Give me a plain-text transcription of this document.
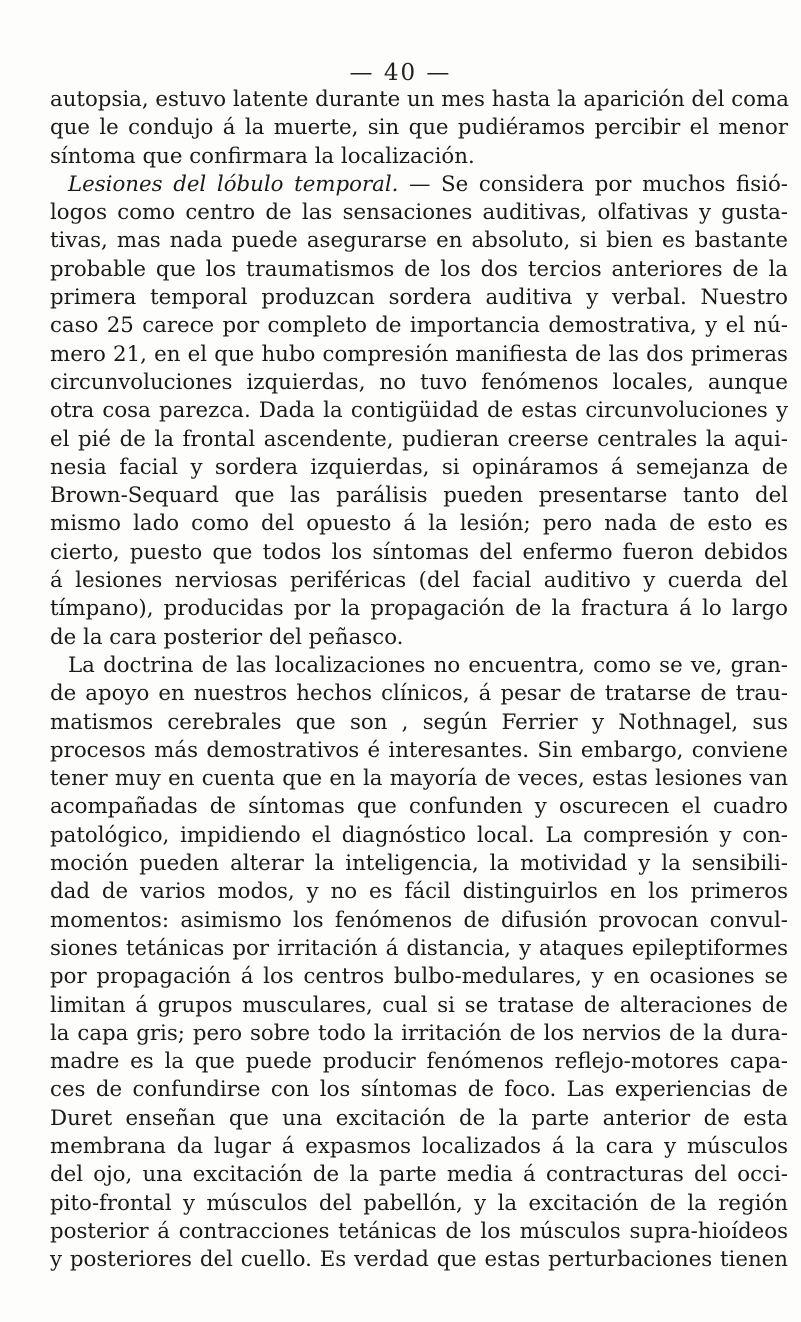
— 40 —
autopsia, estuvo latente durante un mes hasta la aparición del coma
que le condujo á la muerte, sin que pudiéramos percibir el menor
síntoma que confirmara la localización.
Lesiones del lóbulo temporal. — Se considera por muchos fisió-
logos como centro de las sensaciones auditivas, olfativas y gusta-
tivas, mas nada puede asegurarse en absoluto, si bien es bastante
probable que los traumatismos de los dos tercios anteriores de la
primera temporal produzcan sordera auditiva y verbal. Nuestro
caso 25 carece por completo de importancia demostrativa, y el nú-
mero 21, en el que hubo compresión manifiesta de las dos primeras
circunvoluciones izquierdas, no tuvo fenómenos locales, aunque
otra cosa parezca. Dada la contigüidad de estas circunvoluciones y
el pié de la frontal ascendente, pudieran creerse centrales la aqui-
nesia facial y sordera izquierdas, si opináramos á semejanza de
Brown-Sequard que las parálisis pueden presentarse tanto del
mismo lado como del opuesto á la lesión; pero nada de esto es
cierto, puesto que todos los síntomas del enfermo fueron debidos
á lesiones nerviosas periféricas (del facial auditivo y cuerda del
tímpano), producidas por la propagación de la fractura á lo largo
de la cara posterior del peñasco.
La doctrina de las localizaciones no encuentra, como se ve, gran-
de apoyo en nuestros hechos clínicos, á pesar de tratarse de trau-
matismos cerebrales que son , según Ferrier y Nothnagel, sus
procesos más demostrativos é interesantes. Sin embargo, conviene
tener muy en cuenta que en la mayoría de veces, estas lesiones van
acompañadas de síntomas que confunden y oscurecen el cuadro
patológico, impidiendo el diagnóstico local. La compresión y con-
moción pueden alterar la inteligencia, la motividad y la sensibili-
dad de varios modos, y no es fácil distinguirlos en los primeros
momentos: asimismo los fenómenos de difusión provocan convul-
siones tetánicas por irritación á distancia, y ataques epileptiformes
por propagación á los centros bulbo-medulares, y en ocasiones se
limitan á grupos musculares, cual si se tratase de alteraciones de
la capa gris; pero sobre todo la irritación de los nervios de la dura-
madre es la que puede producir fenómenos reflejo-motores capa-
ces de confundirse con los síntomas de foco. Las experiencias de
Duret enseñan que una excitación de la parte anterior de esta
membrana da lugar á expasmos localizados á la cara y músculos
del ojo, una excitación de la parte media á contracturas del occi-
pito-frontal y músculos del pabellón, y la excitación de la región
posterior á contracciones tetánicas de los músculos supra-hioídeos
y posteriores del cuello. Es verdad que estas perturbaciones tienen
